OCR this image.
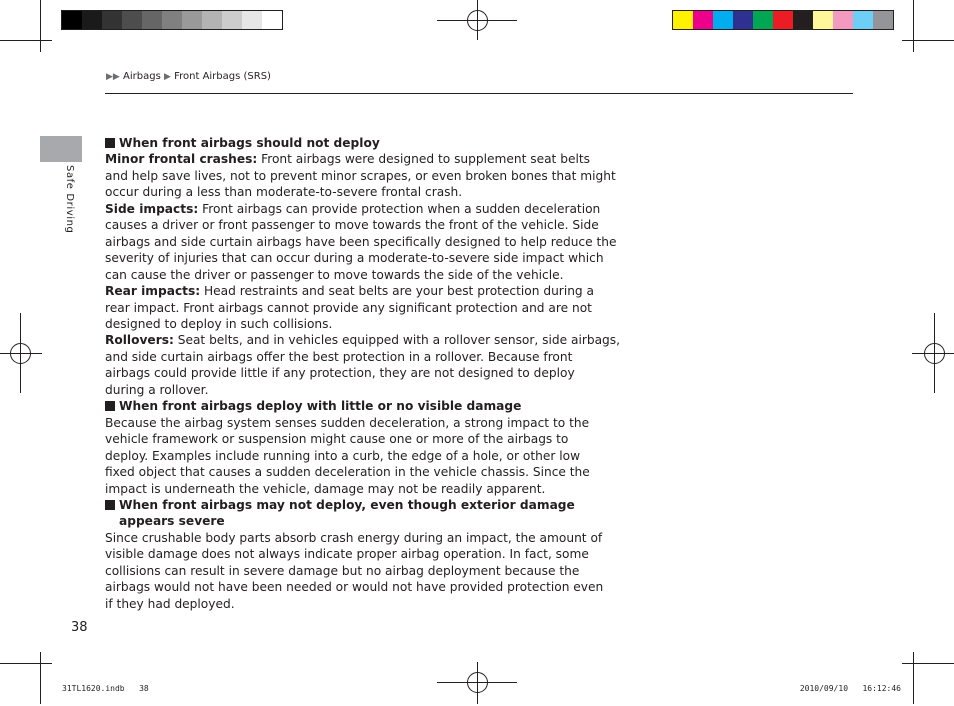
▶▶ Airbags ▶ Front Airbags (SRS)
Safe Driving
When front airbags should not deploy
Minor frontal crashes: Front airbags were designed to supplement seat belts
and help save lives, not to prevent minor scrapes, or even broken bones that might
occur during a less than moderate-to-severe frontal crash.
Side impacts: Front airbags can provide protection when a sudden deceleration
causes a driver or front passenger to move towards the front of the vehicle. Side
airbags and side curtain airbags have been specifically designed to help reduce the
severity of injuries that can occur during a moderate-to-severe side impact which
can cause the driver or passenger to move towards the side of the vehicle.
Rear impacts: Head restraints and seat belts are your best protection during a
rear impact. Front airbags cannot provide any significant protection and are not
designed to deploy in such collisions.
Rollovers: Seat belts, and in vehicles equipped with a rollover sensor, side airbags,
and side curtain airbags offer the best protection in a rollover. Because front
airbags could provide little if any protection, they are not designed to deploy
during a rollover.
When front airbags deploy with little or no visible damage
Because the airbag system senses sudden deceleration, a strong impact to the
vehicle framework or suspension might cause one or more of the airbags to
deploy. Examples include running into a curb, the edge of a hole, or other low
fixed object that causes a sudden deceleration in the vehicle chassis. Since the
impact is underneath the vehicle, damage may not be readily apparent.
When front airbags may not deploy, even though exterior damage
appears severe
Since crushable body parts absorb crash energy during an impact, the amount of
visible damage does not always indicate proper airbag operation. In fact, some
collisions can result in severe damage but no airbag deployment because the
airbags would not have been needed or would not have provided protection even
if they had deployed.
38
31TL1620.indb 38	2010/09/10 16:12:46
